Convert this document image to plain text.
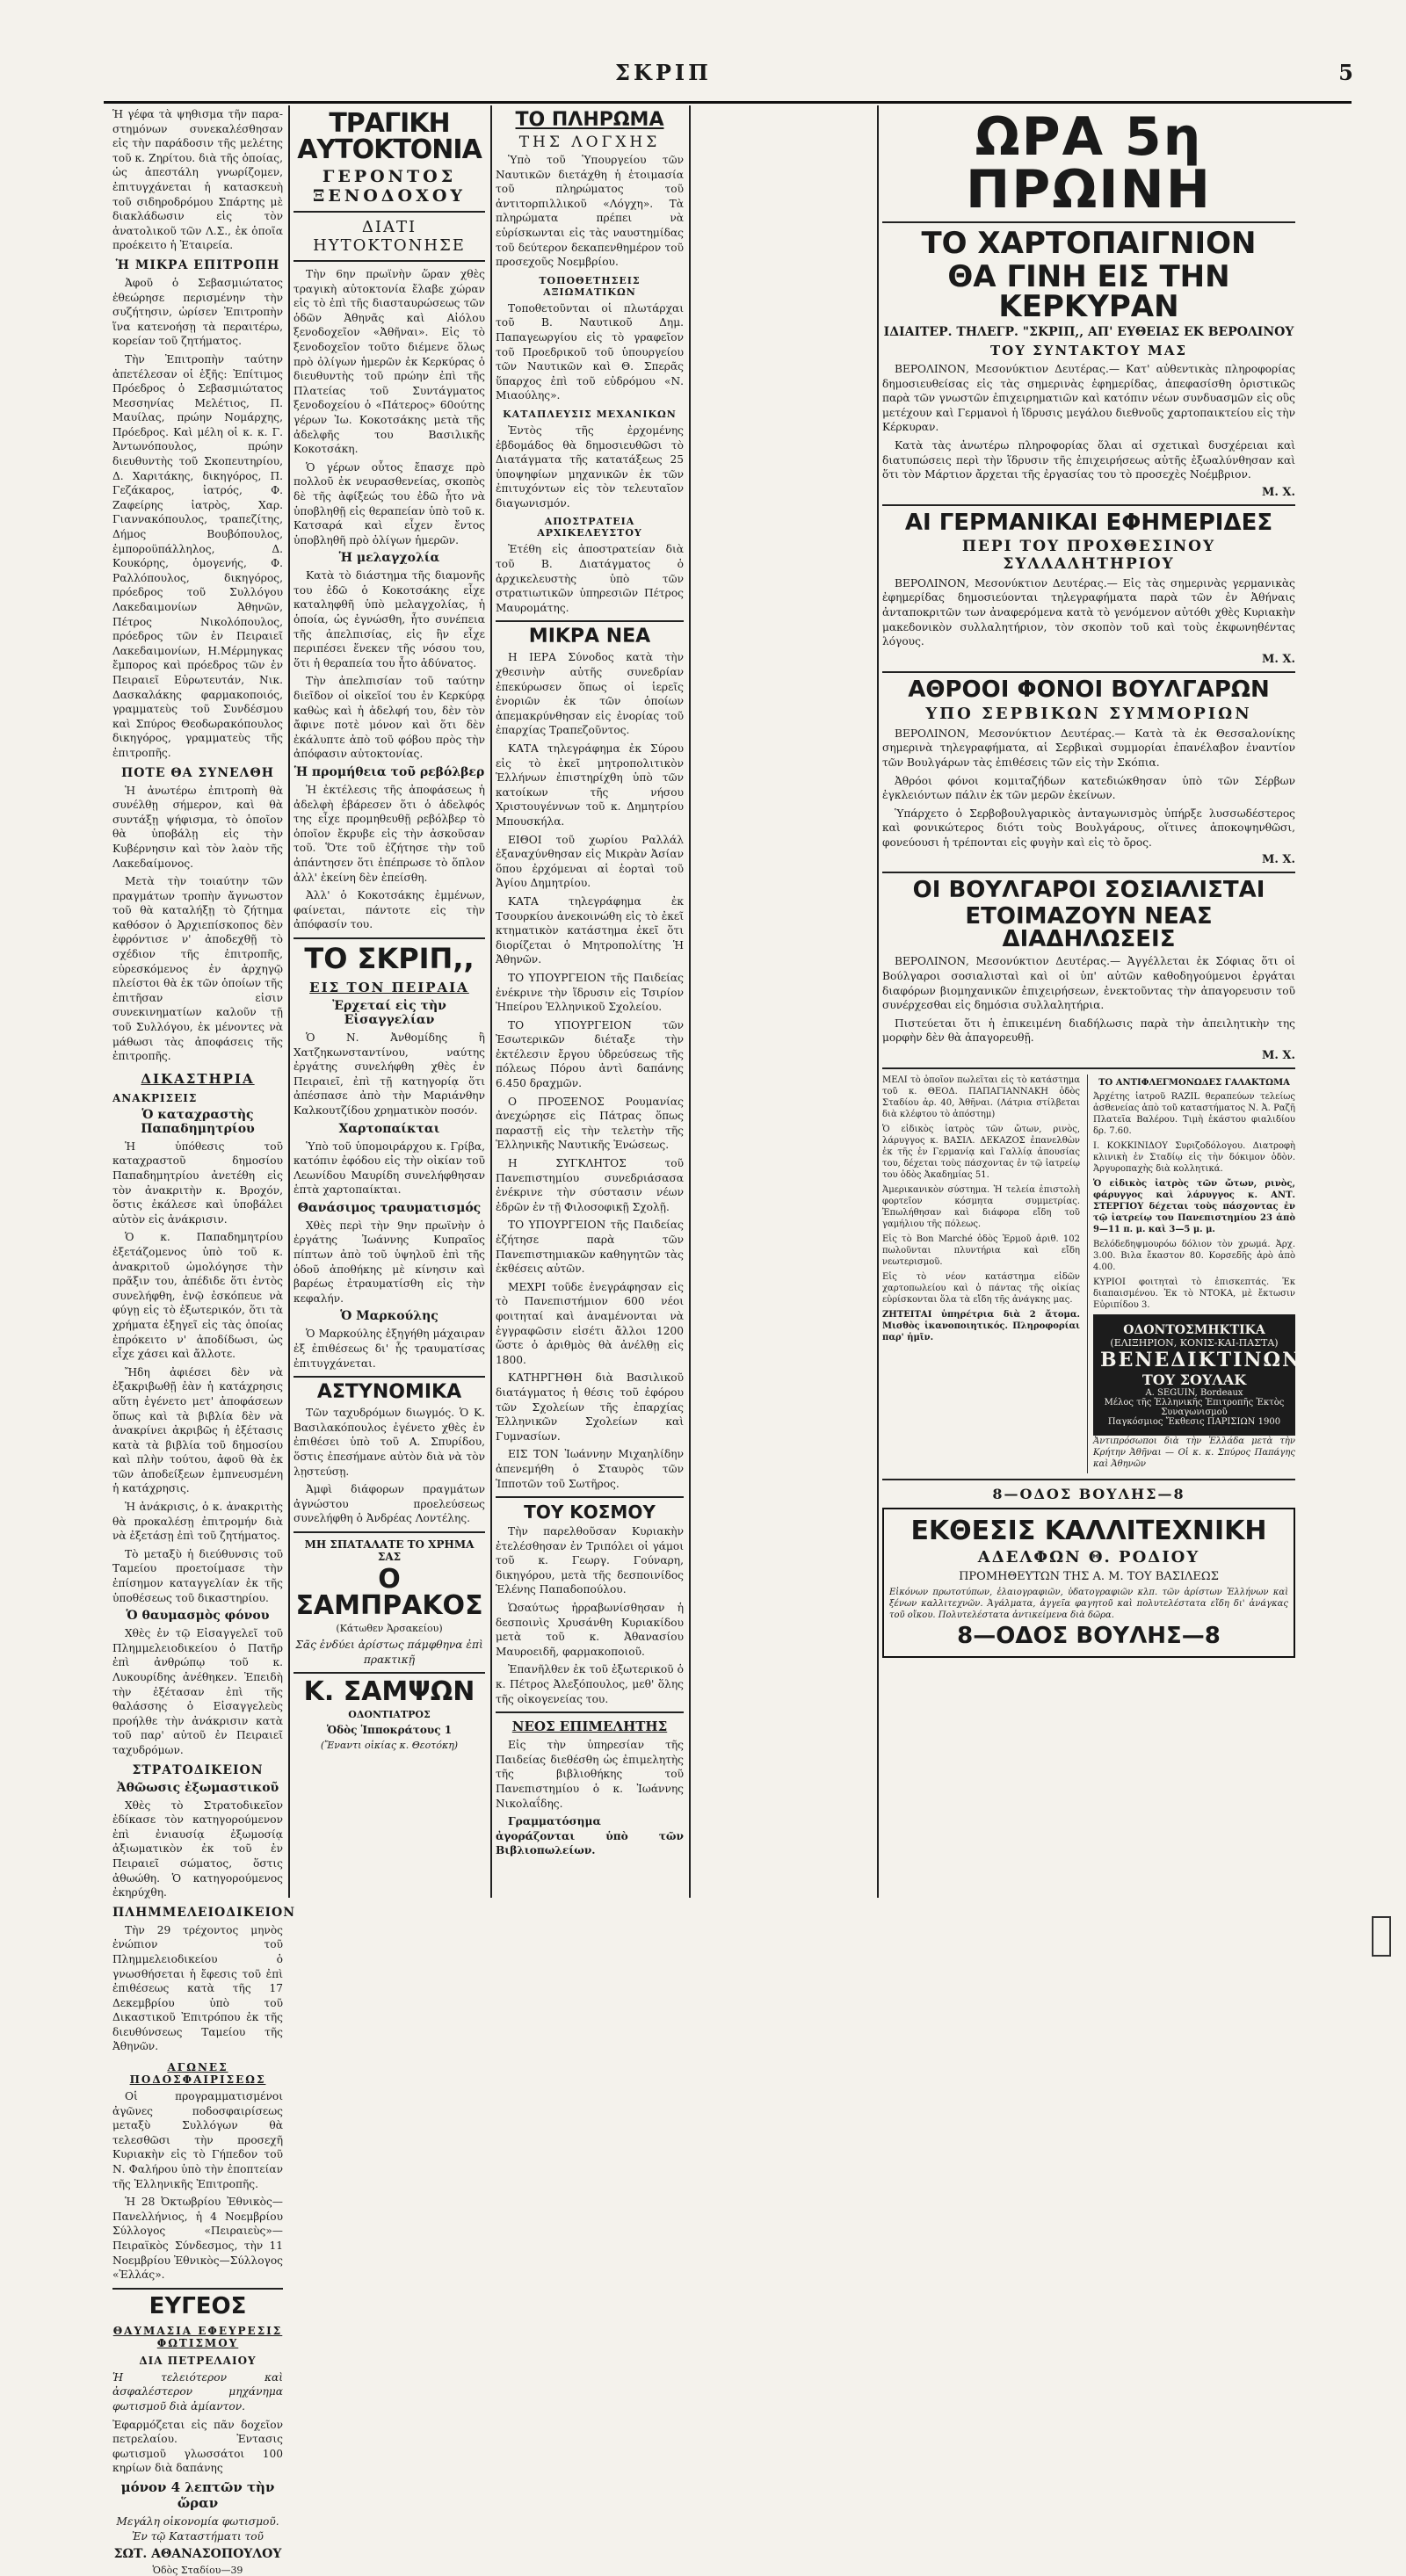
ΣΚΡΙΠ	5

Ἡ γέφα τὰ ψηθισμα τῆν παρα-στημόνων συνεκαλέσθησαν εἰς τὴν παράδοσιν τῆς μελέτης τοῦ κ. Ζηρίτου. διὰ τῆς ὁποίας, ὡς ἀπεστάλη γνωρίζομεν, ἐπιτυγχάνεται ἡ κατασκευὴ τοῦ σιδηροδρόμου Σπάρτης μὲ διακλάδωσιν εἰς τὸν ἀνατολικοῦ τῶν Λ.Σ., ἐκ ὁποῖα προέκειτο ἡ Ἐταιρεία.

Ἡ ΜΙΚΡΑ ΕΠΙΤΡΟΠΗ

Ἀφοῦ ὁ Σεβασμιώτατος ἐθεώρησε περισμένην τὴν συζήτησιν, ὡρίσεν Ἐπιτροπὴν ἵνα κατενοήσῃ τὰ περαιτέρω, κορείαν τοῦ ζητήματος.

Τὴν Ἐπιτροπὴν ταύτην ἀπετέλεσαν οἱ ἑξῆς: Ἐπίτιμος Πρόεδρος ὁ Σεβασμιώτατος Μεσσηνίας Μελέτιος, Π. Μαυίλας, πρώην Νομάρχης, Πρόεδρος. Καὶ μέλη οἱ κ. κ. Γ. Ἀντωνόπουλος, πρώην διευθυντὴς τοῦ Σκοπευτηρίου, Δ. Χαριτάκης, δικηγόρος, Π. Γεζάκαρος, ἰατρός, Φ. Ζαφείρης ἰατρὸς, Χαρ. Γιαννακόπουλος, τραπεζίτης, Δήμος Βουβόπουλος, ἐμποροϋπάλληλος, Δ. Κουκόρης, ὁμογενής, Φ. Ραλλόπουλος, δικηγόρος, πρόεδρος τοῦ Συλλόγου Λακεδαιμονίων Ἀθηνῶν, Πέτρος Νικολόπουλος, πρόεδρος τῶν ἐν Πειραιεῖ Λακεδαιμονίων, Η.Μέρμηγκας ἔμπορος καὶ πρόεδρος τῶν ἐν Πειραιεῖ Εὐρωτευτάν, Νικ. Δασκαλάκης φαρμακοποιός, γραμματεὺς τοῦ Συνδέσμου καὶ Σπύρος Θεοδωρακόπουλος δικηγόρος, γραμματεὺς τῆς ἐπιτροπῆς.

ΠΟΤΕ ΘΑ ΣΥΝΕΛΘΗ

Ἡ ἀνωτέρω ἐπιτροπὴ θὰ συνέλθῃ σήμερον, καὶ θὰ συντάξῃ ψήφισμα, τὸ ὁποῖον θὰ ὑποβάλῃ εἰς τὴν Κυβέρνησιν καὶ τὸν λαὸν τῆς Λακεδαίμονος.

Μετὰ τὴν τοιαύτην τῶν πραγμάτων τροπὴν ἄγνωστον τοῦ θὰ καταλήξῃ τὸ ζήτημα καθόσον ὁ Ἀρχιεπίσκοπος δὲν ἐφρόντισε ν' ἀποδεχθῇ τὸ σχέδιον τῆς ἐπιτροπῆς, εὐρεσκόμενος ἐν ἀρχηγῷ πλείστοι θὰ ἐκ τῶν ὁποίων τῆς ἐπιτῆσαν εἰσιν συνεκινηματίων καλοῦν τῇ τοῦ Συλλόγου, ἐκ μένοντες νὰ μάθωσι τὰς ἀποφάσεις τῆς ἐπιτροπῆς.

ΔΙΚΑΣΤΗΡΙΑ
ΑΝΑΚΡΙΣΕΙΣ
Ὁ καταχραστὴς Παπαδημητρίου

Ἡ ὑπόθεσις τοῦ καταχραστοῦ δημοσίου Παπαδημητρίου ἀνετέθη εἰς τὸν ἀνακριτὴν κ. Βροχόν, ὅστις ἐκάλεσε καὶ ὑποβάλει αὐτὸν εἰς ἀνάκρισιν.

Ὁ κ. Παπαδημητρίου ἐξετάζομενος ὑπὸ τοῦ κ. ἀνακριτοῦ ὡμολόγησε τὴν πρᾶξιν του, ἀπέδιδε ὅτι ἐντὸς συνελήφθη, ἐνῷ ἐσκόπευε νὰ φύγῃ εἰς τὸ ἐξωτερικόν, ὅτι τὰ χρήματα ἐξηγεῖ εἰς τὰς ὁποίας ἐπρόκειτο ν' ἀποδίδωσι, ὡς εἶχε χάσει καὶ ἄλλοτε.

Ἤδη ἀφιέσει δὲν νὰ ἐξακριβωθῇ ἐὰν ἡ κατάχρησις αὕτη ἐγένετο μετ' ἀποφάσεων ὅπως καὶ τὰ βιβλία δὲν νὰ ἀνακρίνει ἀκριβῶς ἡ ἐξέτασις κατὰ τὰ βιβλία τοῦ δημοσίου καὶ πλὴν τούτου, ἀφοῦ θὰ ἐκ τῶν ἀποδείξεων ἐμπνευσμένη ἡ κατάχρησις.

Ἡ ἀνάκρισις, ὁ κ. ἀνακριτὴς θὰ προκαλέσῃ ἐπιτρομήν διὰ νὰ ἐξετάσῃ ἐπὶ τοῦ ζητήματος.

Τὸ μεταξὺ ἡ διεύθυνσις τοῦ Ταμείου προετοίμασε τὴν ἐπίσημον καταγγελίαν ἐκ τῆς ὑποθέσεως τοῦ δικαστηρίου.

Ὁ θαυμασμὸς φόνου

Χθὲς ἐν τῷ Εἰσαγγελεῖ τοῦ Πλημμελειοδικείου ὁ Πατῆρ ἐπὶ ἀνθρώπῳ τοῦ κ. Λυκουρίδης ἀνέθηκεν. Ἐπειδὴ τὴν ἐξέτασαν ἐπὶ τῆς θαλάσσης ὁ Εἰσαγγελεὺς προήλθε τὴν ἀνάκρισιν κατὰ τοῦ παρ' αὐτοῦ ἐν Πειραιεῖ ταχυδρόμων.

ΣΤΡΑΤΟΔΙΚΕΙΟΝ
Ἀθῶωσις ἐξωμαστικοῦ

Χθὲς τὸ Στρατοδικεῖον ἐδίκασε τὸν κατηγορούμενον ἐπὶ ἐνιαυσίᾳ ἐξωμοσίᾳ ἀξιωματικὸν ἐκ τοῦ ἐν Πειραιεῖ σώματος, ὅστις ἀθωώθη. Ὁ κατηγορούμενος ἐκηρύχθη.

ΠΛΗΜΜΕΛΕΙΟΔΙΚΕΙΟΝ

Τὴν 29 τρέχοντος μηνὸς ἐνώπιον τοῦ Πλημμελειοδικείου ὁ γνωσθήσεται ἡ ἔφεσις τοῦ ἐπὶ ἐπιθέσεως κατὰ τῆς 17 Δεκεμβρίου ὑπὸ τοῦ Δικαστικοῦ Ἐπιτρόπου ἐκ τῆς διευθύνσεως Ταμείου τῆς Ἀθηνῶν.

ΑΓΩΝΕΣ ΠΟΔΟΣΦΑΙΡΙΣΕΩΣ

Οἱ προγραμματισμένοι ἀγῶνες ποδοσφαιρίσεως μεταξὺ Συλλόγων θὰ τελεσθῶσι τὴν προσεχῆ Κυριακὴν εἰς τὸ Γήπεδον τοῦ Ν. Φαλήρου ὑπὸ τὴν ἐποπτείαν τῆς Ἑλληνικῆς Ἐπιτροπῆς.

Ἡ 28 Ὀκτωβρίου Ἐθνικὸς—Πανελλήνιος, ἡ 4 Νοεμβρίου Σύλλογος «Πειραιεὺς»—Πειραϊκὸς Σύνδεσμος, τὴν 11 Νοεμβρίου Ἐθνικὸς—Σύλλογος «Ἑλλάς».

ΕΥΓΕΟΣ
ΘΑΥΜΑΣΙΑ ΕΦΕΥΡΕΣΙΣ ΦΩΤΙΣΜΟΥ
ΔΙΑ ΠΕΤΡΕΛΑΙΟΥ

Ἡ τελειότερον καὶ ἀσφαλέστερον μηχάνημα φωτισμοῦ διὰ ἀμίαντον.

Ἐφαρμόζεται εἰς πᾶν δοχεῖον πετρελαίου. Ἐντασις φωτισμοῦ γλωσσάτοι 100 κηρίων διὰ δαπάνης

μόνον 4 λεπτῶν τὴν ὥραν

Μεγάλη οἰκονομία φωτισμοῦ. Ἐν τῷ Καταστήματι τοῦ

ΣΩΤ. ΑΘΑΝΑΣΟΠΟΥΛΟΥ
Ὁδὸς Σταδίου—39
ΤΡΑΓΙΚΗ ΑΥΤΟΚΤΟΝΙΑ
ΓΕΡΟΝΤΟΣ ΞΕΝΟΔΟΧΟΥ
ΔΙΑΤΙ ΗΥΤΟΚΤΟΝΗΣΕ

Τὴν 6ην πρωϊνὴν ὥραν χθὲς τραγικὴ αὐτοκτονία ἔλαβε χώραν εἰς τὸ ἐπὶ τῆς διασταυρώσεως τῶν ὁδῶν Ἀθηνᾶς καὶ Αἰόλου ξενοδοχεῖον «Ἀθῆναι». Εἰς τὸ ξενοδοχεῖον τοῦτο διέμενε ὅλως πρὸ ὀλίγων ἡμερῶν ἐκ Κερκύρας ὁ διευθυντὴς τοῦ πρώην ἐπὶ τῆς Πλατείας τοῦ Συντάγματος ξενοδοχείου ὁ «Πάτερος» 60ούτης γέρων Ἰω. Κοκοτσάκης μετὰ τῆς ἀδελφῆς του Βασιλικῆς Κοκοτσάκη.

Ὁ γέρων οὗτος ἔπασχε πρὸ πολλοῦ ἐκ νευρασθενείας, σκοπὸς δὲ τῆς ἀφίξεώς του ἐδῶ ἦτο νὰ ὑποβληθῇ εἰς θεραπείαν ὑπὸ τοῦ κ. Κατσαρά καὶ εἶχεν ἔντος ὑποβληθῆ πρὸ ὀλίγων ἡμερῶν.

Ἡ μελαγχολία

Κατὰ τὸ διάστημα τῆς διαμονῆς του ἐδῶ ὁ Κοκοτσάκης εἶχε καταληφθῆ ὑπὸ μελαγχολίας, ἡ ὁποία, ὡς ἐγνώσθη, ἦτο συνέπεια τῆς ἀπελπισίας, εἰς ἣν εἶχε περιπέσει ἕνεκεν τῆς νόσου του, ὅτι ἡ θεραπεία του ἦτο ἀδύνατος.

Τὴν ἀπελπισίαν τοῦ ταύτην διεῖδον οἱ οἰκεῖοί του ἐν Κερκύρᾳ καθὼς καὶ ἡ ἀδελφή του, δὲν τὸν ἄφινε ποτὲ μόνον καὶ ὅτι δὲν ἐκάλυπτε ἀπὸ τοῦ φόβου πρὸς τὴν ἀπόφασιν αὐτοκτονίας.

Ἡ προμήθεια τοῦ ρεβόλβερ

Ἡ ἐκτέλεσις τῆς ἀποφάσεως ἡ ἀδελφὴ ἐβάρεσεν ὅτι ὁ ἀδελφός της εἶχε προμηθευθῇ ρεβόλβερ τὸ ὁποῖον ἔκρυβε εἰς τὴν ἀσκοῦσαν τοῦ. Ὅτε τοῦ ἐζήτησε τὴν τοῦ ἀπάντησεν ὅτι ἐπέπρωσε τὸ ὅπλον ἀλλ' ἐκείνη δὲν ἐπείσθη.

Ἀλλ' ὁ Κοκοτσάκης ἐμμένων, φαίνεται, πάντοτε εἰς τὴν ἀπόφασίν του.

ΤΟ ΣΚΡΙΠ,,
ΕΙΣ ΤΟΝ ΠΕΙΡΑΙΑ
Ἐρχεταί εἰς τὴν Εἰσαγγελίαν

Ὁ Ν. Ἀνθομίδης ἢ Χατζηκωνσταντίνου, ναύτης ἐργάτης συνελήφθη χθὲς ἐν Πειραιεῖ, ἐπὶ τῇ κατηγορίᾳ ὅτι ἀπέσπασε ἀπὸ τὴν Μαριάνθην Καλκουτζίδου χρηματικὸν ποσόν.

Χαρτοπαίκται

Ὑπὸ τοῦ ὑπομοιράρχου κ. Γρίβα, κατόπιν ἐφόδου εἰς τὴν οἰκίαν τοῦ Λεωνίδου Μαυρίδη συνελήφθησαν ἑπτὰ χαρτοπαίκται.

Θανάσιμος τραυματισμός

Χθὲς περὶ τὴν 9ην πρωϊνὴν ὁ ἐργάτης Ἰωάννης Κυπραῖος πίπτων ἀπὸ τοῦ ὑψηλοῦ ἐπὶ τῆς ὁδοῦ ἀποθήκης μὲ κίνησιν καὶ βαρέως ἐτραυματίσθη εἰς τὴν κεφαλήν.

Ὁ Μαρκούλης

Ὁ Μαρκούλης ἐξηγήθη μάχαιραν ἐξ ἐπιθέσεως δι' ἧς τραυματίσας ἐπιτυγχάνεται.

ΑΣΤΥΝΟΜΙΚΑ

Τῶν ταχυδρόμων διωγμός. Ὁ Κ. Βασιλακόπουλος ἐγένετο χθὲς ἐν ἐπιθέσει ὑπὸ τοῦ Α. Σπυρίδου, ὅστις ἐπεσήμανε αὐτὸν διὰ νὰ τὸν λῃστεύσῃ.

Ἀμφὶ διάφορων πραγμάτων ἀγνώστου προελεύσεως συνελήφθη ὁ Ἀνδρέας Λοντέλης.

ΜΗ ΣΠΑΤΑΛΑΤΕ ΤΟ ΧΡΗΜΑ ΣΑΣ
Ο ΣΑΜΠΡΑΚΟΣ
(Κάτωθεν Ἀρσακείου)

Σᾶς ἐνδύει ἀρίστως πάμφθηνα ἐπὶ πρακτικῇ

Κ. ΣΑΜΨΩΝ
ΟΔΟΝΤΙΑΤΡΟΣ
Ὁδὸς Ἱπποκράτους 1
(Ἔναντι οἰκίας κ. Θεοτόκη)
ΤΟ ΠΛΗΡΩΜΑ
ΤΗΣ ΛΟΓΧΗΣ

Ὑπὸ τοῦ Ὑπουργείου τῶν Ναυτικῶν διετάχθη ἡ ἑτοιμασία τοῦ πληρώματος τοῦ ἀντιτορπιλλικοῦ «Λόγχη». Τὰ πληρώματα πρέπει νὰ εὑρίσκωνται εἰς τὰς ναυστημίδας τοῦ δεύτερον δεκαπενθημέρον τοῦ προσεχοῦς Νοεμβρίου.

ΤΟΠΟΘΕΤΗΣΕΙΣ ΑΞΙΩΜΑΤΙΚΩΝ

Τοποθετοῦνται οἱ πλωτάρχαι τοῦ Β. Ναυτικοῦ Δημ. Παπαγεωργίου εἰς τὸ γραφεῖον τοῦ Προεδρικοῦ τοῦ ὑπουργείου τῶν Ναυτικῶν καὶ Θ. Σπερᾶς ὕπαρχος ἐπὶ τοῦ εὐδρόμου «Ν. Μιαούλης».

ΚΑΤΑΠΛΕΥΣΙΣ ΜΕΧΑΝΙΚΩΝ

Ἐντὸς τῆς ἐρχομένης ἑβδομάδος θὰ δημοσιευθῶσι τὸ Διατάγματα τῆς κατατάξεως 25 ὑποψηφίων μηχανικῶν ἐκ τῶν ἐπιτυχόντων εἰς τὸν τελευταῖον διαγωνισμόν.

ΑΠΟΣΤΡΑΤΕΙΑ ΑΡΧΙΚΕΛΕΥΣΤΟΥ

Ἐτέθη εἰς ἀποστρατείαν διὰ τοῦ Β. Διατάγματος ὁ ἀρχικελευστὴς ὑπὸ τῶν στρατιωτικῶν ὑπηρεσιῶν Πέτρος Μαυρομάτης.

ΜΙΚΡΑ ΝΕΑ

Η ΙΕΡΑ Σύνοδος κατὰ τὴν χθεσινὴν αὐτῆς συνεδρίαν ἐπεκύρωσεν ὅπως οἱ ἱερεῖς ἐνοριῶν ἐκ τῶν ὁποίων ἀπεμακρύνθησαν εἰς ἐνορίας τοῦ ἐπαρχίας Τραπεζοῦντος.

ΚΑΤΑ τηλεγράφημα ἐκ Σύρου εἰς τὸ ἐκεῖ μητροπολιτικὸν Ἑλλήνων ἐπιστηρίχθη ὑπὸ τῶν κατοίκων τῆς νήσου Χριστουγέννων τοῦ κ. Δημητρίου Μπουσκήλα.

ΕΙΘΟΙ τοῦ χωρίου Ραλλάλ ἐξαναχύνθησαν εἰς Μικρὰν Ἀσίαν ὅπου ἐρχόμεναι αἱ ἑορταὶ τοῦ Ἀγίου Δημητρίου.

ΚΑΤΑ τηλεγράφημα ἐκ Τσουρκίου ἀνεκοινώθη εἰς τὸ ἐκεῖ κτηματικὸν κατάστημα ἐκεῖ ὅτι διορίζεται ὁ Μητροπολίτης Ἡ Ἀθηνῶν.

ΤΟ ΥΠΟΥΡΓΕΙΟΝ τῆς Παιδείας ἐνέκρινε τὴν ἵδρυσιν εἰς Τσιρίον Ἡπείρου Ἑλληνικοῦ Σχολείου.

ΤΟ ΥΠΟΥΡΓΕΙΟΝ τῶν Ἐσωτερικῶν διέταξε τὴν ἐκτέλεσιν ἔργου ὑδρεύσεως τῆς πόλεως Πόρου ἀντὶ δαπάνης 6.450 δραχμῶν.

Ο ΠΡΟΞΕΝΟΣ Ρουμανίας ἀνεχώρησε εἰς Πάτρας ὅπως παραστῇ εἰς τὴν τελετὴν τῆς Ἑλληνικῆς Ναυτικῆς Ἑνώσεως.

Η ΣΥΓΚΛΗΤΟΣ τοῦ Πανεπιστημίου συνεδριάσασα ἐνέκρινε τὴν σύστασιν νέων ἐδρῶν ἐν τῇ Φιλοσοφικῇ Σχολῇ.

ΤΟ ΥΠΟΥΡΓΕΙΟΝ τῆς Παιδείας ἐζήτησε παρὰ τῶν Πανεπιστημιακῶν καθηγητῶν τὰς ἐκθέσεις αὐτῶν.

ΜΕΧΡΙ τοῦδε ἐνεγράφησαν εἰς τὸ Πανεπιστήμιον 600 νέοι φοιτηταί καὶ ἀναμένονται νὰ ἐγγραφῶσιν εἰσέτι ἄλλοι 1200 ὥστε ὁ ἀριθμὸς θὰ ἀνέλθῃ εἰς 1800.

ΚΑΤΗΡΓΗΘΗ διὰ Βασιλικοῦ διατάγματος ἡ θέσις τοῦ ἐφόρου τῶν Σχολείων τῆς ἐπαρχίας Ἑλληνικῶν Σχολείων καὶ Γυμνασίων.

ΕΙΣ ΤΟΝ Ἰωάννην Μιχαηλίδην ἀπενεμήθη ὁ Σταυρὸς τῶν Ἱπποτῶν τοῦ Σωτῆρος.

ΤΟΥ ΚΟΣΜΟΥ

Τὴν παρελθοῦσαν Κυριακὴν ἐτελέσθησαν ἐν Τριπόλει οἱ γάμοι τοῦ κ. Γεωργ. Γούναρη, δικηγόρου, μετὰ τῆς δεσποινίδος Ἑλένης Παπαδοπούλου.

Ὡσαύτως ἠρραβωνίσθησαν ἡ δεσποινὶς Χρυσάνθη Κυριακίδου μετὰ τοῦ κ. Ἀθανασίου Μαυροειδῆ, φαρμακοποιοῦ.

Ἐπανῆλθεν ἐκ τοῦ ἐξωτερικοῦ ὁ κ. Πέτρος Ἀλεξόπουλος, μεθ' ὅλης τῆς οἰκογενείας του.

ΝΕΟΣ ΕΠΙΜΕΛΗΤΗΣ

Εἰς τὴν ὑπηρεσίαν τῆς Παιδείας διεθέσθη ὡς ἐπιμελητὴς τῆς βιβλιοθήκης τοῦ Πανεπιστημίου ὁ κ. Ἰωάννης Νικολαΐδης.

Γραμματόσημα ἀγοράζονται ὑπὸ τῶν Βιβλιοπωλείων.

ΩΡΑ 5η ΠΡΩΙΝΗ
ΤΟ ΧΑΡΤΟΠΑΙΓΝΙΟΝ
ΘΑ ΓΙΝΗ ΕΙΣ ΤΗΝ ΚΕΡΚΥΡΑΝ
ΙΔΙΑΙΤΕΡ. ΤΗΛΕΓΡ. "ΣΚΡΙΠ,, ΑΠ' ΕΥΘΕΙΑΣ ΕΚ ΒΕΡΟΛΙΝΟΥ
ΤΟΥ ΣΥΝΤΑΚΤΟΥ ΜΑΣ

ΒΕΡΟΛΙΝΟΝ, Μεσονύκτιον Δευτέρας.— Κατ' αὐθεντικὰς πληροφορίας δημοσιευθείσας εἰς τὰς σημερινὰς ἐφημερίδας, ἀπεφασίσθη ὁριστικῶς παρὰ τῶν γνωστῶν ἐπιχειρηματιῶν καὶ κατόπιν νέων συνδυασμῶν εἰς οὓς μετέχουν καὶ Γερμανοὶ ἡ ἵδρυσις μεγάλου διεθνοῦς χαρτοπαικτείου εἰς τὴν Κέρκυραν.

Κατὰ τὰς ἀνωτέρω πληροφορίας ὅλαι αἱ σχετικαὶ δυσχέρειαι καὶ διατυπώσεις περὶ τὴν ἵδρυσιν τῆς ἐπιχειρήσεως αὐτῆς ἐξωαλύνθησαν καὶ ὅτι τὸν Μάρτιον ἄρχεται τῆς ἐργασίας του τὸ προσεχὲς Νοέμβριον.

Μ. Χ.
ΑΙ ΓΕΡΜΑΝΙΚΑΙ ΕΦΗΜΕΡΙΔΕΣ
ΠΕΡΙ ΤΟΥ ΠΡΟΧΘΕΣΙΝΟΥ ΣΥΛΛΑΛΗΤΗΡΙΟΥ

ΒΕΡΟΛΙΝΟΝ, Μεσονύκτιον Δευτέρας.— Εἰς τὰς σημερινὰς γερμανικὰς ἐφημερίδας δημοσιεύονται τηλεγραφήματα παρὰ τῶν ἐν Ἀθήναις ἀνταποκριτῶν των ἀναφερόμενα κατὰ τὸ γενόμενον αὐτόθι χθὲς Κυριακὴν μακεδονικὸν συλλαλητήριον, τὸν σκοπὸν τοῦ καὶ τοὺς ἐκφωνηθέντας λόγους.

Μ. Χ.
ΑΘΡΟΟΙ ΦΟΝΟΙ ΒΟΥΛΓΑΡΩΝ
ΥΠΟ ΣΕΡΒΙΚΩΝ ΣΥΜΜΟΡΙΩΝ

ΒΕΡΟΛΙΝΟΝ, Μεσονύκτιον Δευτέρας.— Κατὰ τὰ ἐκ Θεσσαλονίκης σημερινὰ τηλεγραφήματα, αἱ Σερβικαὶ συμμορίαι ἐπανέλαβον ἐναντίον τῶν Βουλγάρων τὰς ἐπιθέσεις τῶν εἰς τὴν Σκόπια.

Ἀθρόοι φόνοι κομιταζήδων κατεδιώκθησαν ὑπὸ τῶν Σέρβων ἐγκλειόντων πάλιν ἐκ τῶν μερῶν ἐκείνων.

Ὑπάρχετο ὁ Σερβοβουλγαρικὸς ἀνταγωνισμὸς ὑπήρξε λυσσωδέστερος καὶ φονικώτερος διότι τοὺς Βουλγάρους, οἵτινες ἀποκοψηνθῶσι, φονεύουσι ἡ τρέπονται εἰς φυγὴν καὶ εἰς τὸ ὄρος.

Μ. Χ.
ΟΙ ΒΟΥΛΓΑΡΟΙ ΣΟΣΙΑΛΙΣΤΑΙ
ΕΤΟΙΜΑΖΟΥΝ ΝΕΑΣ ΔΙΑΔΗΛΩΣΕΙΣ

ΒΕΡΟΛΙΝΟΝ, Μεσονύκτιον Δευτέρας.— Ἀγγέλλεται ἐκ Σόφιας ὅτι οἱ Βούλγαροι σοσιαλισταὶ καὶ οἱ ὑπ' αὐτῶν καθοδηγούμενοι ἐργάται διαφόρων βιομηχανικῶν ἐπιχειρήσεων, ἐνεκτοῦντας τὴν ἀπαγορευσιν τοῦ συνέρχεσθαι εἰς δημόσια συλλαλητήρια.

Πιστεύεται ὅτι ἡ ἐπικειμένη διαδήλωσις παρὰ τὴν ἀπειλητικὴν της μορφὴν δὲν θὰ ἀπαγορευθῇ.

Μ. Χ.

ΜΕΛΙ τὸ ὁποῖον πωλεῖται εἰς τὸ κατάστημα τοῦ κ. ΘΕΟΔ. ΠΑΠΑΓΙΑΝΝΑΚΗ ὁδὸς Σταδίου ἀρ. 40, Ἀθῆναι. (Λάτρια στίλβεται διὰ κλέφτου τὸ ἀπόστημ)

Ὁ εἰδικὸς ἰατρὸς τῶν ὤτων, ρινὸς, λάρυγγος κ. ΒΑΣΙΛ. ΔΕΚΑΖΟΣ ἐπανελθὼν ἐκ τῆς ἐν Γερμανίᾳ καὶ Γαλλίᾳ ἀπουσίας του, δέχεται τοὺς πάσχοντας ἐν τῷ ἰατρείῳ του ὁδὸς Ἀκαδημίας 51.

Ἀμερικανικὸν σύστημα. Ἡ τελεία ἐπιστολὴ φορτεῖον κόσμητα συμμετρίας. Ἐπωλήθησαν καὶ διάφορα εἴδη τοῦ γαμήλιου τῆς πόλεως.

Εἰς τὸ Bon Marché ὁδὸς Ἑρμοῦ ἀριθ. 102 πωλοῦνται πλυντήρια καὶ εἴδη νεωτερισμοῦ.

Εἰς τὸ νέον κατάστημα εἰδῶν χαρτοπωλείου καὶ ὁ πάντας τῆς οἰκίας εὑρίσκονται ὅλα τὰ εἴδη τῆς ἀνάγκης μας.

ΖΗΤΕΙΤΑΙ ὑπηρέτρια διὰ 2 ἄτομα. Μισθὸς ἱκανοποιητικός. Πληροφορίαι παρ' ἡμῖν.

ΤΟ ΑΝΤΙΦΛΕΓΜΟΝΩΔΕΣ ΓΑΛΑΚΤΩΜΑ

Ἀρχέτης ἰατροῦ RAZIL θεραπεύων τελείως ἀσθενείας ἀπὸ τοῦ καταστήματος Ν. Ἀ. Ραζῆ Πλατεῖα Βαλέρου. Τιμὴ ἑκάστου φιαλιδίου δρ. 7.60.

Ι. ΚΟΚΚΙΝΙΔΟΥ Συριζοδόλογου. Διατροφὴ κλινικὴ ἐν Σταδίῳ εἰς τὴν δόκιμον ὁδὸν. Ἀργυροπαχὴς διὰ κολλητικά.

Ὁ εἰδικὸς ἰατρὸς τῶν ὤτων, ρινὸς, φάρυγγος καὶ λάρυγγος κ. ΑΝΤ. ΣΤΕΡΓΙΟΥ δέχεται τοὺς πάσχοντας ἐν τῷ ἰατρείῳ του Πανεπιστημίου 23 ἀπὸ 9—11 π. μ. καὶ 3—5 μ. μ.

Βελόδεδηψμουρόω δόλιον τὸν χρωμά. Ἀρχ. 3.00. Βιλα ἔκαστον 80. Κορσεδῆς ἀρὸ ἀπὸ 4.00.

ΚΥΡΙΟΙ φοιτηταὶ τὸ ἐπισκεπτάς. Ἐκ διαπαισμένου. Ἐκ τὸ ΝΤΟΚΑ, μὲ ἔκτωσιν Εὐριπίδου 3.

ΟΔΟΝΤΟΣΜΗΚΤΙΚΑ
(ΕΛΙΞΗΡΙΟΝ, ΚΟΝΙΣ-ΚΑΙ-ΠΑΣΤΑ)
ΒΕΝΕΔΙΚΤΙΝΩΝ
ΤΟΥ ΣΟΥΛΑΚ
Α. SEGUIN, Bordeaux
Μέλος τῆς Ἑλληνικῆς Ἐπιτροπῆς Ἐκτὸς Συναγωνισμοῦ
Παγκόσμιος Ἔκθεσις ΠΑΡΙΣΙΩΝ 1900

Ἀντιπρόσωποι διὰ τὴν Ἑλλάδα μετὰ τὴν Κρήτην Ἀθῆναι — Οἱ κ. κ. Σπύρος Παπάγης καὶ Ἀθηνῶν

8—ΟΔΟΣ ΒΟΥΛΗΣ—8
ΕΚΘΕΣΙΣ ΚΑΛΛΙΤΕΧΝΙΚΗ
ΑΔΕΛΦΩΝ Θ. ΡΟΔΙΟΥ
ΠΡΟΜΗΘΕΥΤΩΝ ΤΗΣ Α. Μ. ΤΟΥ ΒΑΣΙΛΕΩΣ

Εἰκόνων πρωτοτύπων, ἐλαιογραφιῶν, ὑδατογραφιῶν κλπ. τῶν ἀρίστων Ἐλλήνων καὶ ξένων καλλιτεχνῶν. Ἀγάλματα, ἀγγεῖα φαγητοῦ καὶ πολυτελέστατα εἴδη δι' ἀνάγκας τοῦ οἴκου. Πολυτελέστατα ἀντικείμενα διὰ δῶρα.

8—ΟΔΟΣ ΒΟΥΛΗΣ—8
